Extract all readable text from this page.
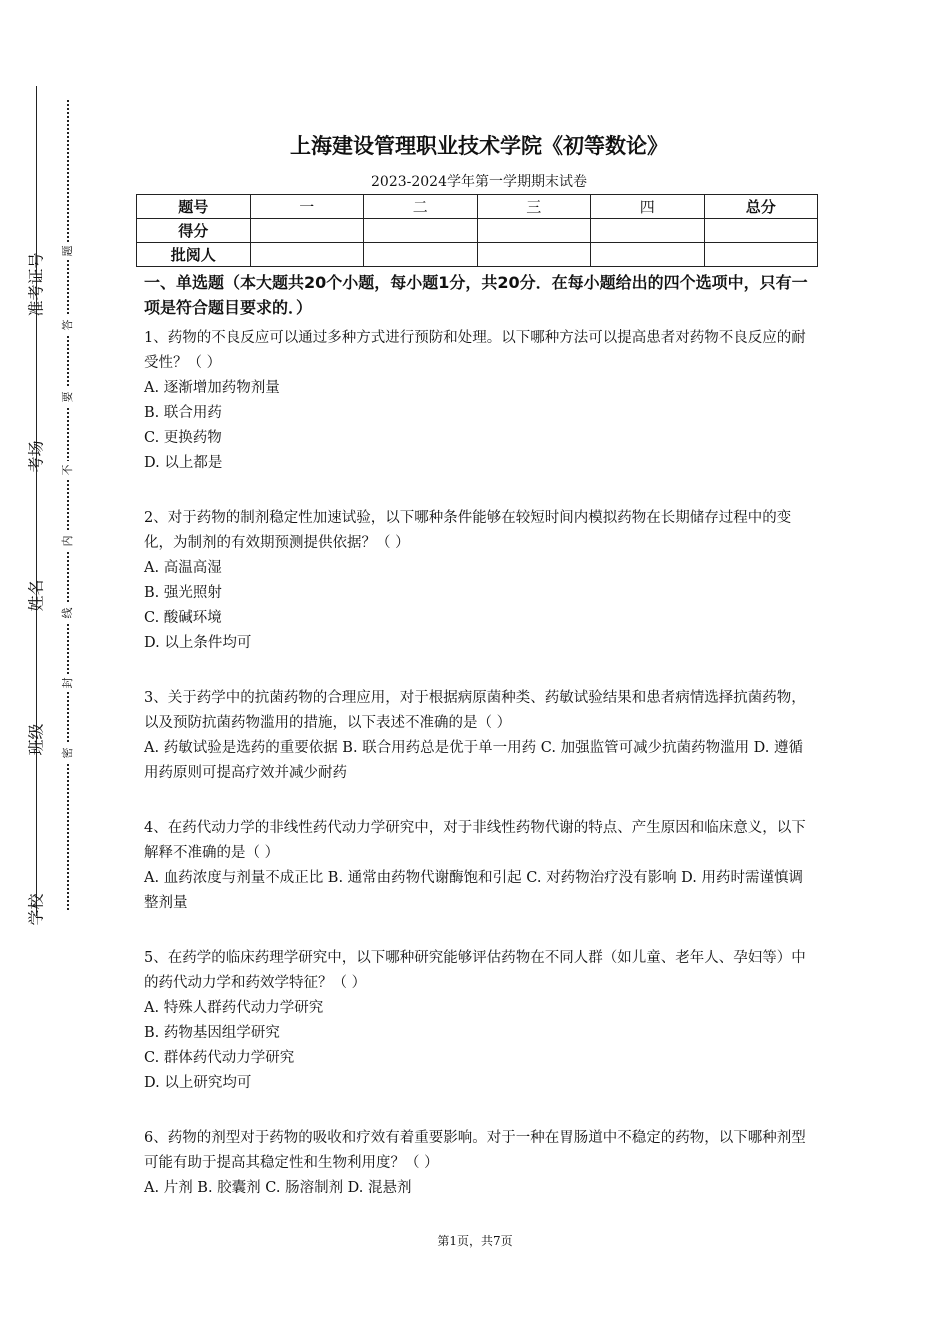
准考证号
考场
姓名
班级
学校
题
答
要
不
内
线
封
密
上海建设管理职业技术学院《初等数论》
2023-2024学年第一学期期末试卷
题号	一	二	三	四	总分
得分					
批阅人					
一、单选题（本大题共20个小题，每小题1分，共20分．在每小题给出的四个选项中，只有一项是符合题目要求的．）
1、药物的不良反应可以通过多种方式进行预防和处理。以下哪种方法可以提高患者对药物不良反应的耐受性？（ ）
A. 逐渐增加药物剂量
B. 联合用药
C. 更换药物
D. 以上都是
2、对于药物的制剂稳定性加速试验，以下哪种条件能够在较短时间内模拟药物在长期储存过程中的变化，为制剂的有效期预测提供依据？（ ）
A. 高温高湿
B. 强光照射
C. 酸碱环境
D. 以上条件均可
3、关于药学中的抗菌药物的合理应用，对于根据病原菌种类、药敏试验结果和患者病情选择抗菌药物，以及预防抗菌药物滥用的措施，以下表述不准确的是（ ）
A. 药敏试验是选药的重要依据 B. 联合用药总是优于单一用药 C. 加强监管可减少抗菌药物滥用 D. 遵循用药原则可提高疗效并减少耐药
4、在药代动力学的非线性药代动力学研究中，对于非线性药物代谢的特点、产生原因和临床意义，以下解释不准确的是（ ）
A. 血药浓度与剂量不成正比 B. 通常由药物代谢酶饱和引起 C. 对药物治疗没有影响 D. 用药时需谨慎调整剂量
5、在药学的临床药理学研究中，以下哪种研究能够评估药物在不同人群（如儿童、老年人、孕妇等）中的药代动力学和药效学特征？（ ）
A. 特殊人群药代动力学研究
B. 药物基因组学研究
C. 群体药代动力学研究
D. 以上研究均可
6、药物的剂型对于药物的吸收和疗效有着重要影响。对于一种在胃肠道中不稳定的药物，以下哪种剂型可能有助于提高其稳定性和生物利用度？（ ）
A. 片剂 B. 胶囊剂 C. 肠溶制剂 D. 混悬剂
第1页，共7页
